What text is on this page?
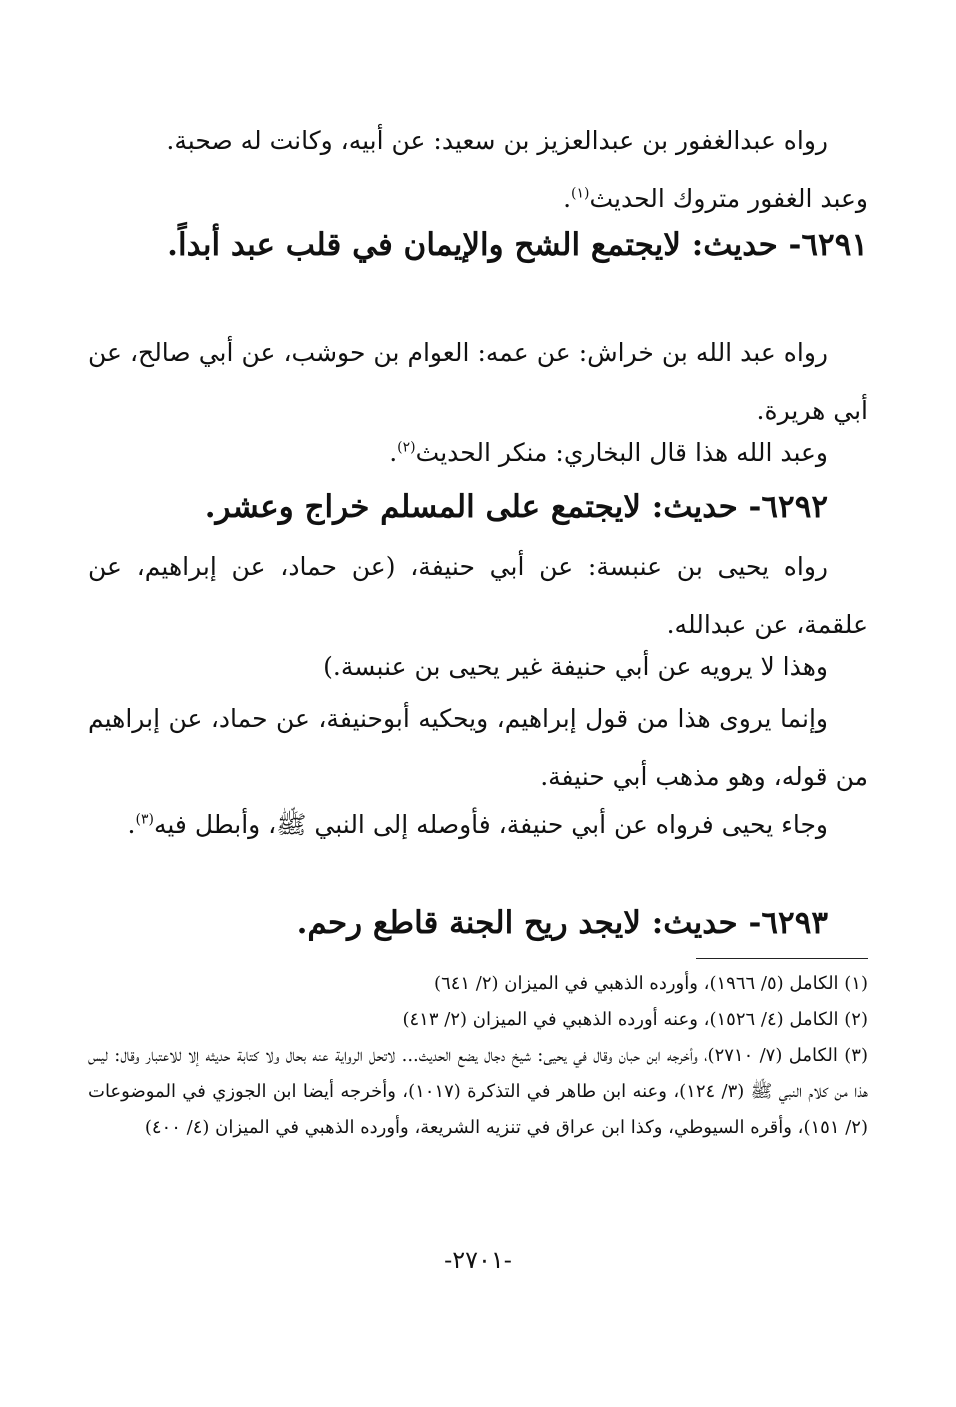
رواه عبدالغفور بن عبدالعزيز بن سعيد: عن أبيه، وكانت له صحبة.
وعبد الغفور متروك الحديث$^{(١)}$.
٦٢٩١- حديث: لايجتمع الشح والإيمان في قلب عبد أبداً.
رواه عبد الله بن خراش: عن عمه: العوام بن حوشب، عن أبي صالح، عن أبي هريرة.
وعبد الله هذا قال البخاري: منكر الحديث$^{(٢)}$.
٦٢٩٢- حديث: لايجتمع على المسلم خراج وعشر.
رواه يحيى بن عنبسة: عن أبي حنيفة، (عن حماد، عن إبراهيم، عن علقمة، عن عبدالله.
وهذا لا يرويه عن أبي حنيفة غير يحيى بن عنبسة.)
وإنما يروى هذا من قول إبراهيم، ويحكيه أبوحنيفة، عن حماد، عن إبراهيم من قوله، وهو مذهب أبي حنيفة.
وجاء يحيى فرواه عن أبي حنيفة، فأوصله إلى النبي ﷺ، وأبطل فيه$^{(٣)}$.
٦٢٩٣- حديث: لايجد ريح الجنة قاطع رحم.

(١) الكامل (٥/ ١٩٦٦)، وأورده الذهبي في الميزان (٢/ ٦٤١)

(٢) الكامل (٤/ ١٥٢٦)، وعنه أورده الذهبي في الميزان (٢/ ٤١٣)

(٣) الكامل (٧/ ٢٧١٠)، وأخرجه ابن حبان وقال في يحيى: شيخ دجال يضع الحديث... لاتحل الرواية عنه بحال ولا كتابة حديثه إلا للاعتبار وقال: ليس هذا من كلام النبي ﷺ (٣/ ١٢٤)، وعنه ابن طاهر في التذكرة (١٠١٧)، وأخرجه أيضا ابن الجوزي في الموضوعات (٢/ ١٥١)، وأقره السيوطي، وكذا ابن عراق في تنزيه الشريعة، وأورده الذهبي في الميزان (٤/ ٤٠٠)

-٢٧٠١-
